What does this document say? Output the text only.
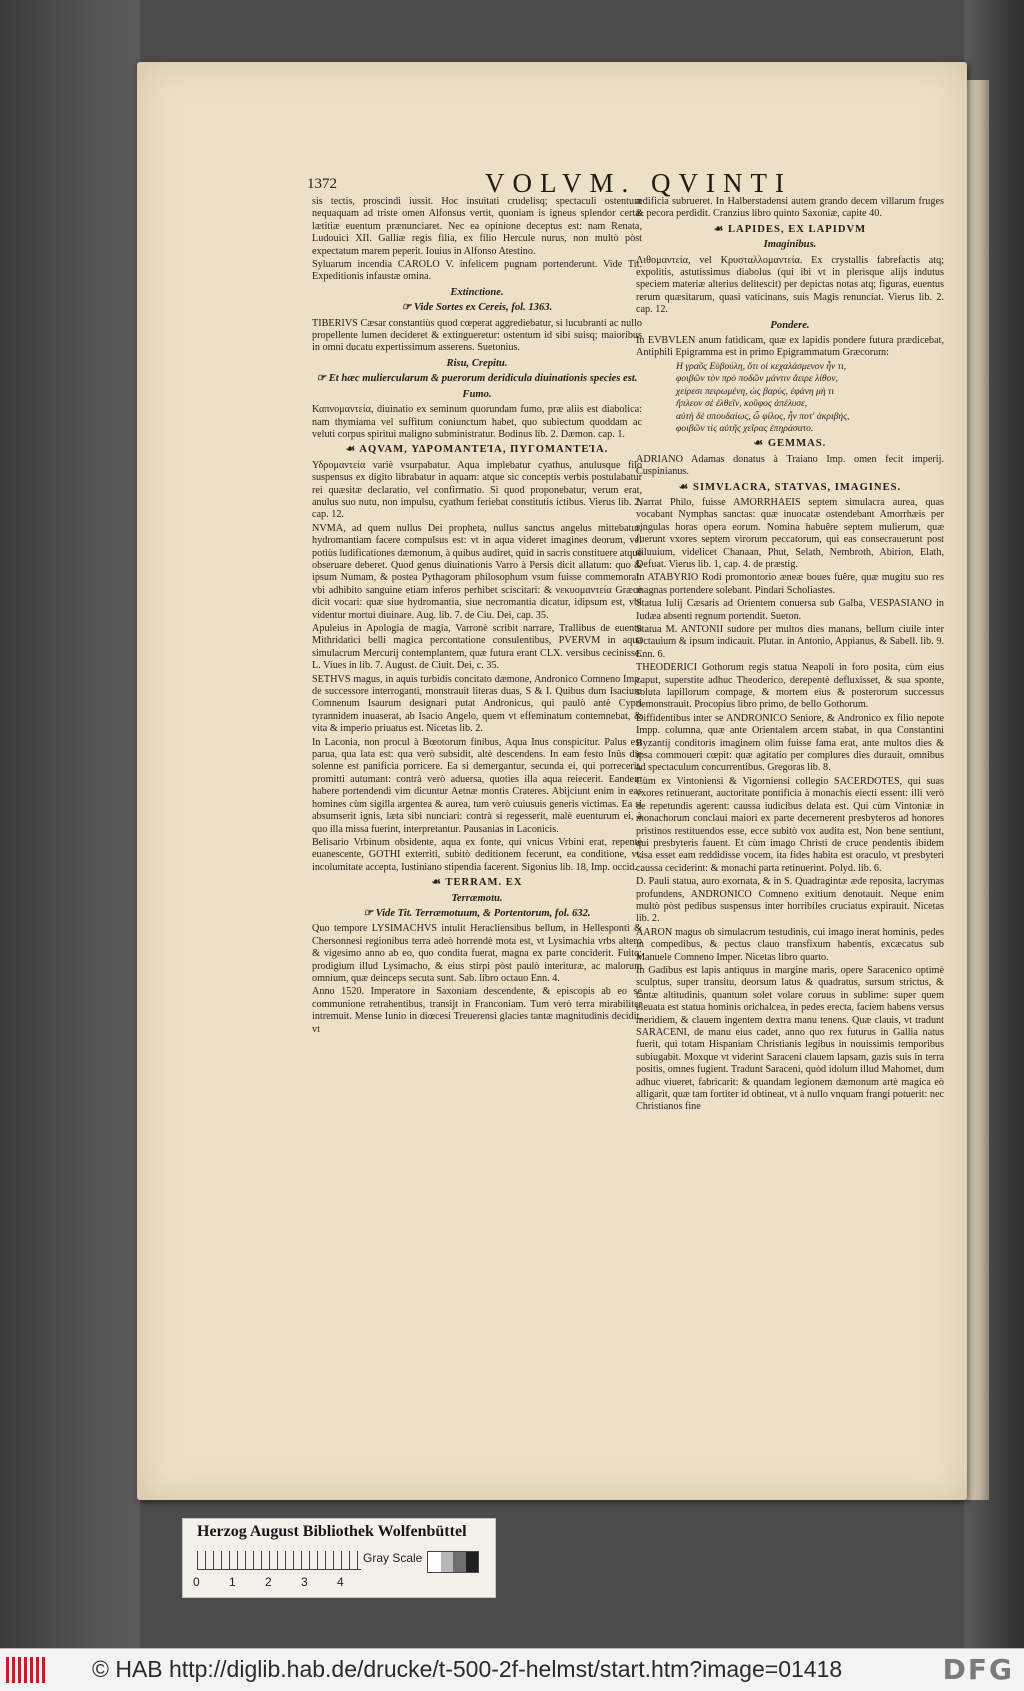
1372	VOLVM. QVINTI

sis tectis, proscindi iussit. Hoc insuitati crudelisq; spectaculi ostentum nequaquam ad triste omen Alfonsus vertit, quoniam is igneus splendor certæ lætitiæ euentum prænunciaret. Nec ea opinione deceptus est: nam Renata, Ludouici XII. Galliæ regis filia, ex filio Hercule nurus, non multò pòst expectatum marem peperit. Iouius in Alfonso Atestino.

Syluarum incendia CAROLO V. infelicem pugnam portenderunt. Vide Tit. Expeditionis infaustæ omina.

Extinctione.
☞ Vide Sortes ex Cereis, fol. 1363.

TIBERIVS Cæsar constantiùs quod cœperat aggrediebatur, si lucubranti ac nullo propellente lumen decideret & extingueretur: ostentum id sibi suisq; maioribus in omni ducatu expertissimum asserens. Suetonius.

Risu, Crepitu.
☞ Et hæc muliercularum & puerorum deridicula diuinationis species est.
Fumo.

Καπνομαντεία, diuinatio ex seminum quorundam fumo, præ aliis est diabolica: nam thymiama vel suffitum coniunctum habet, quo subiectum quoddam ac veluti corpus spiritui maligno subministratur. Bodinus lib. 2. Dæmon. cap. 1.

☙ AQVAM, ΥΔΡΟΜΑΝΤΕΊΑ, ΠΥΓΟΜΑΝΤΕΊΑ.

Υδρομαντεία variè vsurpabatur. Aqua implebatur cyathus, anulusque filo suspensus ex digito librabatur in aquam: atque sic conceptis verbis postulabatur rei quæsitæ declaratio, vel confirmatio. Si quod proponebatur, verum erat, anulus suo nutu, non impulsu, cyathum feriebat constitutis ictibus. Vierus lib. 2. cap. 12.

NVMA, ad quem nullus Dei propheta, nullus sanctus angelus mittebatur, hydromantiam facere compulsus est: vt in aqua videret imagines deorum, vel potiùs ludificationes dæmonum, à quibus audiret, quid in sacris constituere atque obseruare deberet. Quod genus diuinationis Varro à Persis dicit allatum: quo & ipsum Numam, & postea Pythagoram philosophum vsum fuisse commemorat: vbi adhibito sanguine etiam inferos perhibet sciscitari: & νεκυομαντεία Græcè dicit vocari: quæ siue hydromantia, siue necromantia dicatur, idipsum est, vbi videntur mortui diuinare. Aug. lib. 7. de Ciu. Dei, cap. 35.

Apuleius in Apologia de magia, Varronè scribit narrare, Trallibus de euentu Mithridatici belli magica percontatione consulentibus, PVERVM in aqua simulacrum Mercurij contemplantem, quæ futura erant CLX. versibus cecinisse. L. Viues in lib. 7. August. de Ciuit. Dei, c. 35.

SETHVS magus, in aquis turbidis concitato dæmone, Andronico Comneno Imp. de successore interroganti, monstrauit literas duas, S & I. Quibus dum Isacium Comnenum Isaurum designari putat Andronicus, qui paulò antè Cypri tyrannidem inuaserat, ab Isacio Angelo, quem vt effeminatum contemnebat, & vita & imperio priuatus est. Nicetas lib. 2.

In Laconia, non procul à Bœotorum finibus, Aqua Inus conspicitur. Palus est parua, qua lata est: qua verò subsidit, altè descendens. In eam festo Inûs die solenne est panificia porricere. Ea si demergantur, secunda ei, qui porrecerit, promitti autumant: contrà verò aduersa, quoties illa aqua reiecerit. Eandem habere portendendi vim dicuntur Aetnæ montis Crateres. Abijciunt enim in eas homines cùm sigilla argentea & aurea, tum verò cuiusuis generis victimas. Ea si absumserit ignis, læta sibi nunciari: contrà si regesserit, malè euenturum ei, à quo illa missa fuerint, interpretantur. Pausanias in Laconicis.

Belisario Vrbinum obsidente, aqua ex fonte, qui vnicus Vrbini erat, repentè euanescente, GOTHI exterriti, subitò deditionem fecerunt, ea conditione, vt, incolumitate accepta, Iustiniano stipendia facerent. Sigonius lib. 18, Imp. occid.

☙ TERRAM. EX
Terræmotu.
☞ Vide Tit. Terræmotuum, & Portentorum, fol. 632.

Quo tempore LYSIMACHVS intulit Heracliensibus bellum, in Hellesponti & Chersonnesi regionibus terra adeò horrendè mota est, vt Lysimachia vrbs altero & vigesimo anno ab eo, quo condita fuerat, magna ex parte conciderit. Fuitq; prodigium illud Lysimacho, & eius stirpi pòst paulò interituræ, ac malorum omnium, quæ deinceps secuta sunt. Sab. libro octauo Enn. 4.

Anno 1520. Imperatore in Saxoniam descendente, & episcopis ab eo se communione retrahentibus, transijt in Franconiam. Tum verò terra mirabiliter intremuit. Mense Iunio in diœcesi Treuerensi glacies tantæ magnitudinis decidit, vt

ædificia subrueret. In Halberstadensi autem grando decem villarum fruges & pecora perdidit. Cranzius libro quinto Saxoniæ, capite 40.

☙ LAPIDES, EX LAPIDVM
Imaginibus.

Λιθομαντεία, vel Κρυσταλλομαντεία. Ex crystallis fabrefactis atq; expolitis, astutissimus diabolus (qui ibi vt in plerisque alijs indutus speciem materiæ alterius delitescit) per depictas notas atq; figuras, euentus rerum quæsitarum, quasi vaticinans, suis Magis renunciat. Vierus lib. 2. cap. 12.

Pondere.

In EVBVLEN anum fatidicam, quæ ex lapidis pondere futura prædicebat, Antiphili Epigramma est in primo Epigrammatum Græcorum:

Η γραῦς Εὐβούλη, ὅτι οἱ κεχαλάσμενον ἦν τι,
φοιβῶν τὸν πρὸ ποδῶν μάντιν ἄειρε λίθον,
χείρεσι πειρωμένη, ὡς βαρύς, ἐφάνη μὴ τι
ἤπλεον σὲ ἐλθεῖν, κοῦφος ἀπέλυσε,
αὐτὴ δὲ σπουδαίως, ὦ φίλος, ἦν ποτ' ἀκριβής,
φοιβῶν τὶς αὐτῆς χεῖρας ἐπηράσατο.
☙ GEMMAS.

ADRIANO Adamas donatus à Traiano Imp. omen fecit imperij. Cuspinianus.

☙ SIMVLACRA, STATVAS, IMAGINES.

Narrat Philo, fuisse AMORRHAEIS septem simulacra aurea, quas vocabant Nymphas sanctas: quæ inuocatæ ostendebant Amorrhæis per singulas horas opera eorum. Nomina habuêre septem mulierum, quæ fuerunt vxores septem virorum peccatorum, qui eas consecrauerunt post diluuium, videlicet Chanaan, Phut, Selath, Nembroth, Abirion, Elath, Defuat. Vierus lib. 1, cap. 4. de præstig.

In ATABYRIO Rodi promontorio æneæ boues fuêre, quæ mugitu suo res magnas portendere solebant. Pindari Scholiastes.

Statua Iulij Cæsaris ad Orientem conuersa sub Galba, VESPASIANO in Iudæa absenti regnum portendit. Sueton.

Statua M. ANTONII sudore per multos dies manans, bellum ciuile inter Octauium & ipsum indicauit. Plutar. in Antonio, Appianus, & Sabell. lib. 9. Enn. 6.

THEODERICI Gothorum regis statua Neapoli in foro posita, cùm eius caput, superstite adhuc Theoderico, derepentè defluxisset, & sua sponte, soluta lapillorum compage, & mortem eius & posterorum successus demonstrauit. Procopius libro primo, de bello Gothorum.

Diffidentibus inter se ANDRONICO Seniore, & Andronico ex filio nepote Impp. columna, quæ ante Orientalem arcem stabat, in qua Constantini Byzantij conditoris imaginem olim fuisse fama erat, ante multos dies & ipsa commoueri cœpit: quæ agitatio per complures dies durauit, omnibus ad spectaculum concurrentibus. Gregoras lib. 8.

Cùm ex Vintoniensi & Vigorniensi collegio SACERDOTES, qui suas vxores retinuerant, auctoritate pontificia à monachis eiecti essent: illi verò de repetundis agerent: caussa iudicibus delata est. Qui cùm Vintoniæ in monachorum conclaui maiori ex parte decernerent presbyteros ad honores pristinos restituendos esse, ecce subitò vox audita est, Non bene sentiunt, qui presbyteris fauent. Et cùm imago Christi de cruce pendentis ibidem visa esset eam reddidisse vocem, ita fides habita est oraculo, vt presbyteri caussa ceciderint: & monachi parta retinuerint. Polyd. lib. 6.

D. Pauli statua, auro exornata, & in S. Quadragintæ æde reposita, lacrymas profundens, ANDRONICO Comneno exitium denotauit. Neque enim multò pòst pedibus suspensus inter horribiles cruciatus expirauit. Nicetas lib. 2.

AARON magus ob simulacrum testudinis, cui imago inerat hominis, pedes in compedibus, & pectus clauo transfixum habentis, excæcatus sub Manuele Comneno Imper. Nicetas libro quarto.

In Gadibus est lapis antiquus in margine maris, opere Saracenico optimè sculptus, super transitu, deorsum latus & quadratus, sursum strictus, & tantæ altitudinis, quantum solet volare coruus in sublime: super quem eleuata est statua hominis orichalcea, in pedes erecta, faciem habens versus meridiem, & clauem ingentem dextra manu tenens. Quæ clauis, vt tradunt SARACENI, de manu eius cadet, anno quo rex futurus in Gallia natus fuerit, qui totam Hispaniam Christianis legibus in nouissimis temporibus subiugabit. Moxque vt viderint Saraceni clauem lapsam, gazis suis in terra positis, omnes fugient. Tradunt Saraceni, quòd idolum illud Mahomet, dum adhuc viueret, fabricarit: & quandam legionem dæmonum artè magica eò alligarit, quæ tam fortiter id obtineat, vt à nullo vnquam frangi potuerit: nec Christianos fine

Herzog August Bibliothek Wolfenbüttel
0 1 2 3 4
Gray Scale
© HAB http://diglib.hab.de/drucke/t-500-2f-helmst/start.htm?image=01418	DFG
